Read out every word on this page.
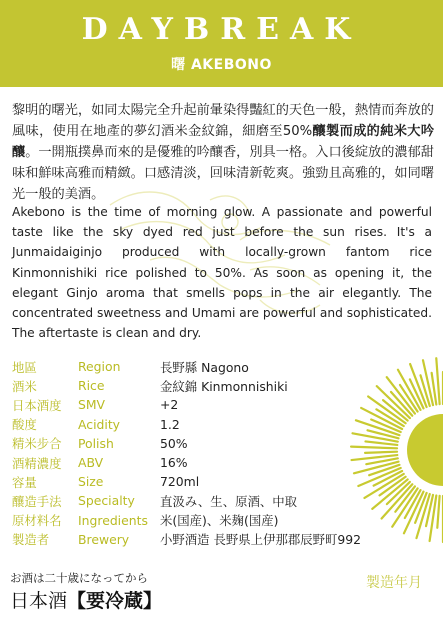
DAYBREAK
曙 AKEBONO
黎明的曙光，如同太陽完全升起前暈染得豔紅的天色一般，熱情而奔放的風味，使用在地產的夢幻酒米金紋錦，細磨至50%釀製而成的純米大吟釀。一開瓶撲鼻而來的是優雅的吟釀香，別具一格。入口後綻放的濃郁甜味和鮮味高雅而精緻。口感清淡，回味清新乾爽。強勁且高雅的，如同曙光一般的美酒。
Akebono is the time of morning glow. A passionate and powerful taste like the sky dyed red just before the sun rises. It's a Junmaidaiginjo produced with locally-grown fantom rice Kinmonnishiki rice polished to 50%. As soon as opening it, the elegant Ginjo aroma that smells pops in the air elegantly. The concentrated sweetness and Umami are powerful and sophisticated. The aftertaste is clean and dry.
地區	Region	長野縣 Nagono
酒米	Rice	金紋錦 Kinmonnishiki
日本酒度	SMV	+2
酸度	Acidity	1.2
精米步合	Polish	50%
酒精濃度	ABV	16%
容量	Size	720ml
釀造手法	Specialty	直汲み、生、原酒、中取
原材料名	Ingredients 米(国産)、米麹(国産)
製造者	Brewery	小野酒造 長野県上伊那郡辰野町992
お酒は二十歳になってから
日本酒【要冷蔵】
製造年月
